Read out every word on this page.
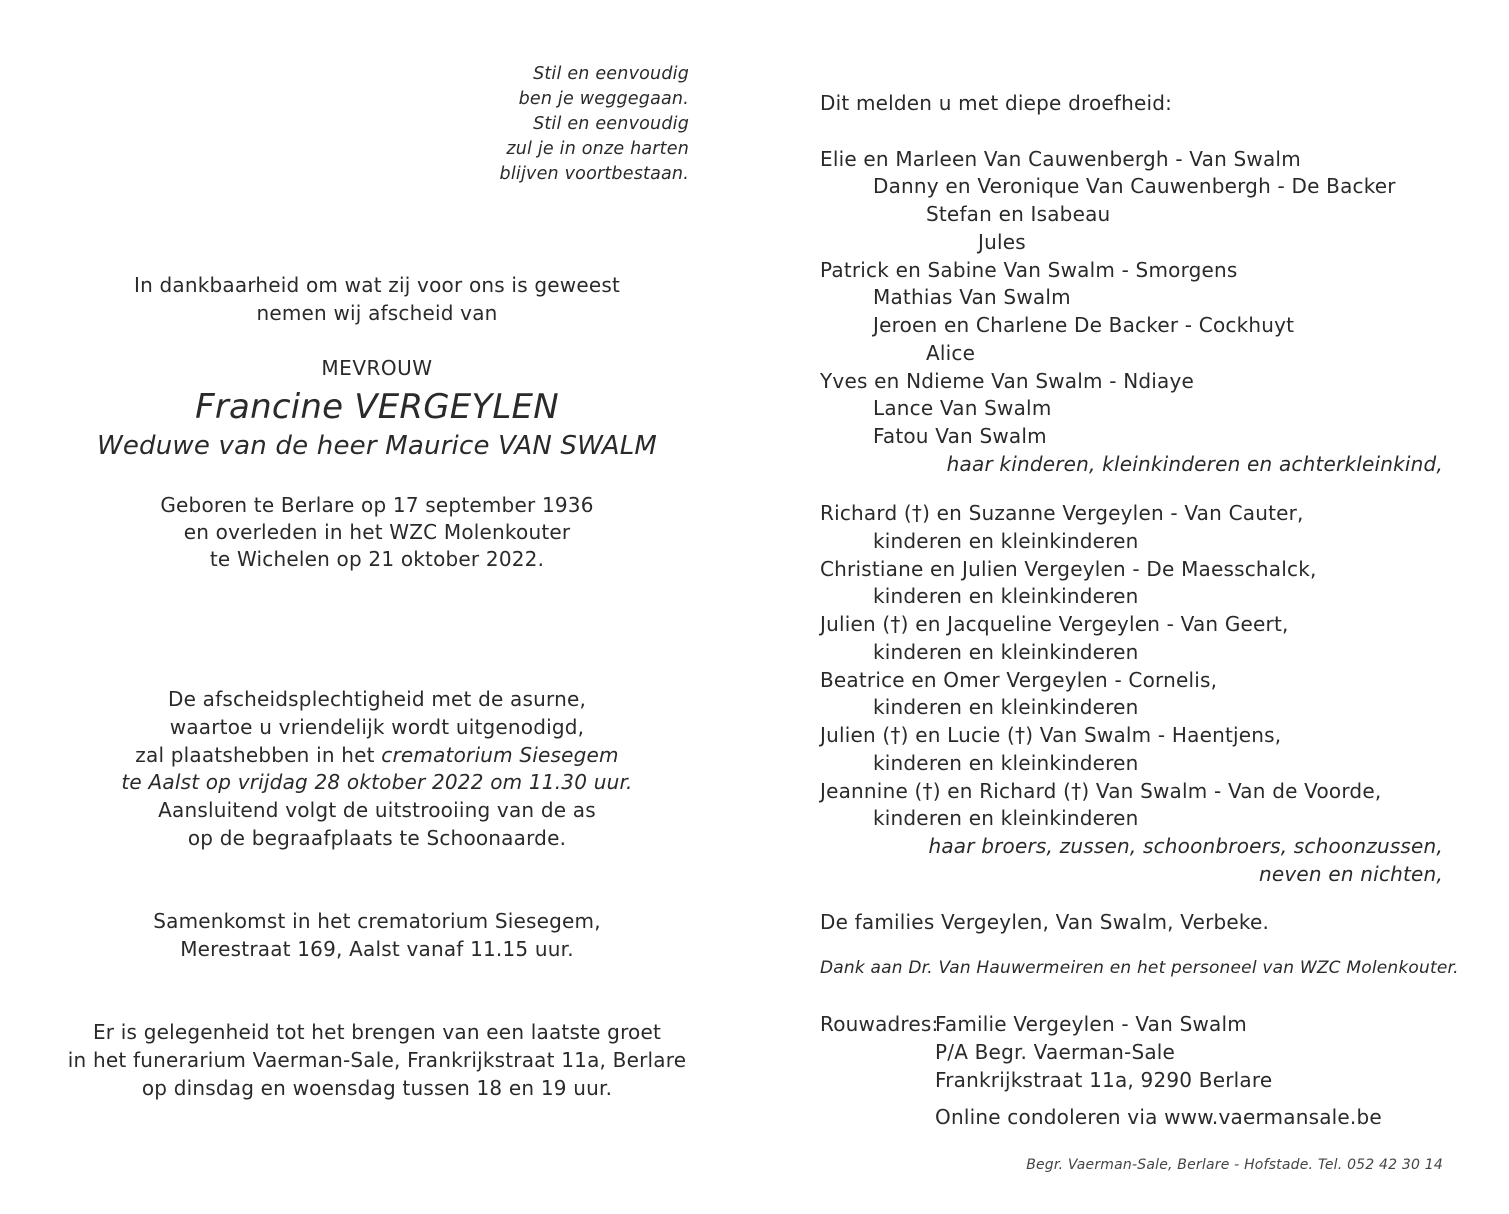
Stil en eenvoudig
ben je weggegaan.
Stil en eenvoudig
zul je in onze harten
blijven voortbestaan.
In dankbaarheid om wat zij voor ons is geweest
nemen wij afscheid van
MEVROUW
Francine VERGEYLEN
Weduwe van de heer Maurice VAN SWALM
Geboren te Berlare op 17 september 1936
en overleden in het WZC Molenkouter
te Wichelen op 21 oktober 2022.
De afscheidsplechtigheid met de asurne,
waartoe u vriendelijk wordt uitgenodigd,
zal plaatshebben in het crematorium Siesegem
te Aalst op vrijdag 28 oktober 2022 om 11.30 uur.
Aansluitend volgt de uitstrooiing van de as
op de begraafplaats te Schoonaarde.
Samenkomst in het crematorium Siesegem,
Merestraat 169, Aalst vanaf 11.15 uur.
Er is gelegenheid tot het brengen van een laatste groet
in het funerarium Vaerman-Sale, Frankrijkstraat 11a, Berlare
op dinsdag en woensdag tussen 18 en 19 uur.
Dit melden u met diepe droefheid:
Elie en Marleen Van Cauwenbergh - Van Swalm
Danny en Veronique Van Cauwenbergh - De Backer
Stefan en Isabeau
Jules
Patrick en Sabine Van Swalm - Smorgens
Mathias Van Swalm
Jeroen en Charlene De Backer - Cockhuyt
Alice
Yves en Ndieme Van Swalm - Ndiaye
Lance Van Swalm
Fatou Van Swalm
haar kinderen, kleinkinderen en achterkleinkind,
Richard (†) en Suzanne Vergeylen - Van Cauter,
kinderen en kleinkinderen
Christiane en Julien Vergeylen - De Maesschalck,
kinderen en kleinkinderen
Julien (†) en Jacqueline Vergeylen - Van Geert,
kinderen en kleinkinderen
Beatrice en Omer Vergeylen - Cornelis,
kinderen en kleinkinderen
Julien (†) en Lucie (†) Van Swalm - Haentjens,
kinderen en kleinkinderen
Jeannine (†) en Richard (†) Van Swalm - Van de Voorde,
kinderen en kleinkinderen
haar broers, zussen, schoonbroers, schoonzussen,
neven en nichten,
De families Vergeylen, Van Swalm, Verbeke.
Dank aan Dr. Van Hauwermeiren en het personeel van WZC Molenkouter.
Rouwadres:
Familie Vergeylen - Van Swalm
P/A Begr. Vaerman-Sale
Frankrijkstraat 11a, 9290 Berlare
Online condoleren via www.vaermansale.be
Begr. Vaerman-Sale, Berlare - Hofstade. Tel. 052 42 30 14
